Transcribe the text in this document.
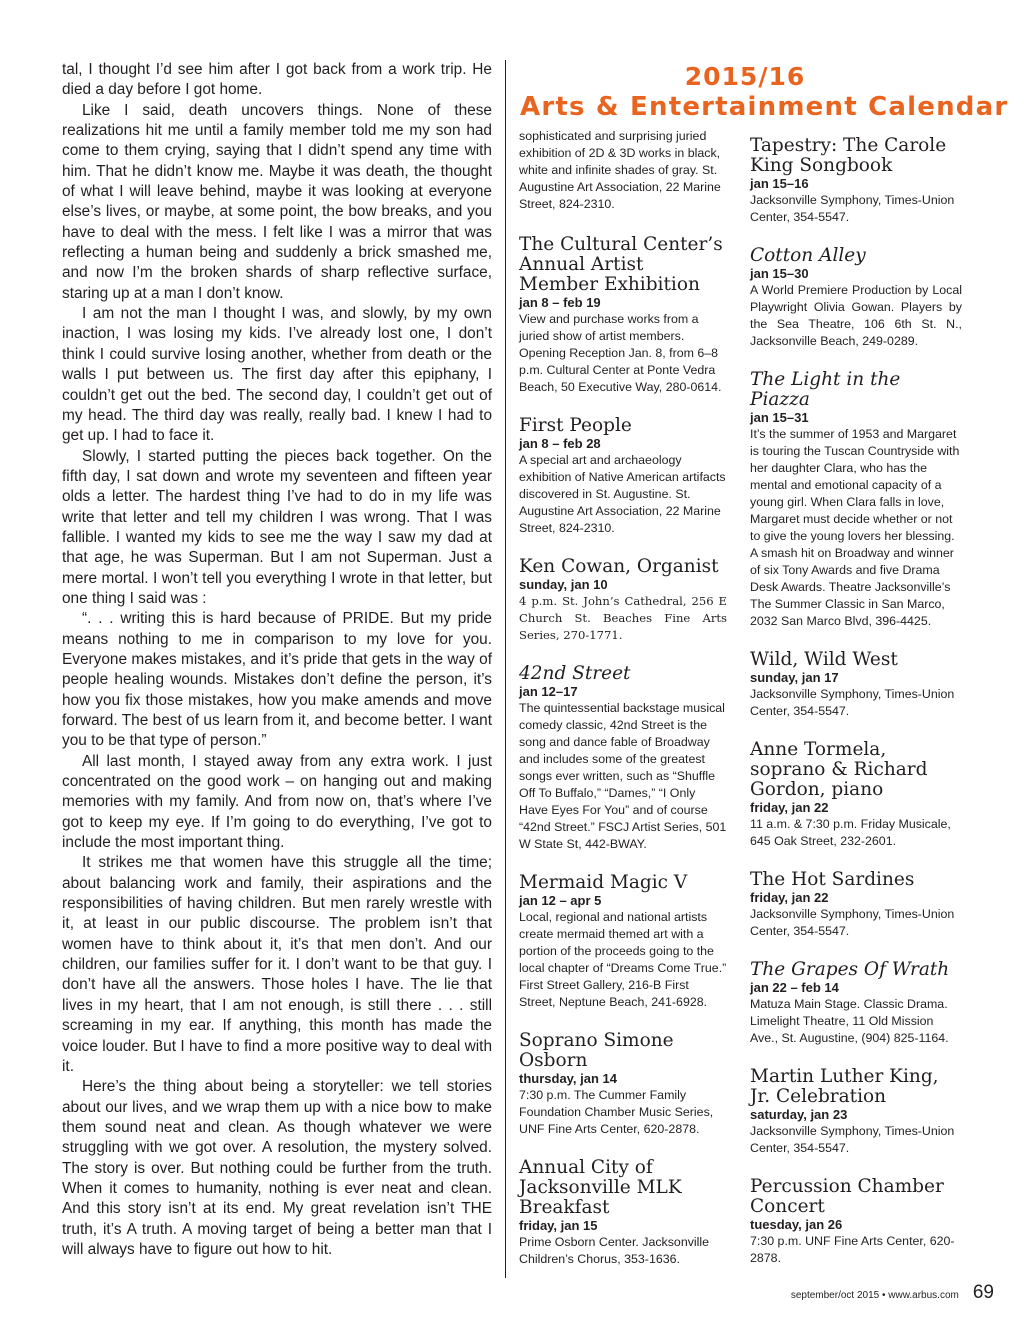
tal, I thought I’d see him after I got back from a work trip. He died a day before I got home.

Like I said, death uncovers things. None of these realizations hit me until a family member told me my son had come to them crying, saying that I didn’t spend any time with him. That he didn’t know me. Maybe it was death, the thought of what I will leave behind, maybe it was looking at everyone else’s lives, or maybe, at some point, the bow breaks, and you have to deal with the mess. I felt like I was a mirror that was reflecting a human being and suddenly a brick smashed me, and now I’m the broken shards of sharp reflective surface, staring up at a man I don’t know.

I am not the man I thought I was, and slowly, by my own inaction, I was losing my kids. I’ve already lost one, I don’t think I could survive losing another, whether from death or the walls I put between us. The first day after this epiphany, I couldn’t get out the bed. The second day, I couldn’t get out of my head. The third day was really, really bad. I knew I had to get up. I had to face it.

Slowly, I started putting the pieces back together. On the fifth day, I sat down and wrote my seventeen and fifteen year olds a letter. The hardest thing I’ve had to do in my life was write that letter and tell my children I was wrong. That I was fallible. I wanted my kids to see me the way I saw my dad at that age, he was Superman. But I am not Superman. Just a mere mortal. I won’t tell you everything I wrote in that letter, but one thing I said was :

“. . . writing this is hard because of PRIDE. But my pride means nothing to me in comparison to my love for you. Everyone makes mistakes, and it’s pride that gets in the way of people healing wounds. Mistakes don’t define the person, it’s how you fix those mistakes, how you make amends and move forward. The best of us learn from it, and become better. I want you to be that type of person.”

All last month, I stayed away from any extra work. I just concentrated on the good work – on hanging out and making memories with my family. And from now on, that’s where I’ve got to keep my eye. If I’m going to do everything, I’ve got to include the most important thing.

It strikes me that women have this struggle all the time; about balancing work and family, their aspirations and the responsibilities of having children. But men rarely wrestle with it, at least in our public discourse. The problem isn’t that women have to think about it, it’s that men don’t. And our children, our families suffer for it. I don’t want to be that guy. I don’t have all the answers. Those holes I have. The lie that lives in my heart, that I am not enough, is still there . . . still screaming in my ear. If anything, this month has made the voice louder. But I have to find a more positive way to deal with it.

Here’s the thing about being a storyteller: we tell stories about our lives, and we wrap them up with a nice bow to make them sound neat and clean. As though whatever we were struggling with we got over. A resolution, the mystery solved. The story is over. But nothing could be further from the truth. When it comes to humanity, nothing is ever neat and clean. And this story isn’t at its end. My great revelation isn’t THE truth, it’s A truth. A moving target of being a better man that I will always have to figure out how to hit.

2015/16
Arts & Entertainment Calendar
sophisticated and surprising juried exhibition of 2D & 3D works in black, white and infinite shades of gray. St. Augustine Art Association, 22 Marine Street, 824-2310.
The Cultural Center’s Annual Artist Member Exhibition
jan 8 – feb 19
View and purchase works from a juried show of artist members. Opening Reception Jan. 8, from 6–8 p.m. Cultural Center at Ponte Vedra Beach, 50 Executive Way, 280-0614.
First People
jan 8 – feb 28
A special art and archaeology exhibition of Native American artifacts discovered in St. Augustine. St. Augustine Art Association, 22 Marine Street, 824-2310.
Ken Cowan, Organist
sunday, jan 10
4 p.m. St. John’s Cathedral, 256 E Church St. Beaches Fine Arts Series, 270-1771.
42nd Street
jan 12–17
The quintessential backstage musical comedy classic, 42nd Street is the song and dance fable of Broadway and includes some of the greatest songs ever written, such as “Shuffle Off To Buffalo,” “Dames,” “I Only Have Eyes For You” and of course “42nd Street.” FSCJ Artist Series, 501 W State St, 442-BWAY.
Mermaid Magic V
jan 12 – apr 5
Local, regional and national artists create mermaid themed art with a portion of the proceeds going to the local chapter of “Dreams Come True.” First Street Gallery, 216-B First Street, Neptune Beach, 241-6928.
Soprano Simone Osborn
thursday, jan 14
7:30 p.m. The Cummer Family Foundation Chamber Music Series, UNF Fine Arts Center, 620-2878.
Annual City of Jacksonville MLK Breakfast
friday, jan 15
Prime Osborn Center. Jacksonville Children’s Chorus, 353-1636.
Tapestry: The Carole King Songbook
jan 15–16
Jacksonville Symphony, Times-Union Center, 354-5547.
Cotton Alley
jan 15–30
A World Premiere Production by Local Playwright Olivia Gowan. Players by the Sea Theatre, 106 6th St. N., Jacksonville Beach, 249-0289.
The Light in the Piazza
jan 15–31
It’s the summer of 1953 and Margaret is touring the Tuscan Countryside with her daughter Clara, who has the mental and emotional capacity of a young girl. When Clara falls in love, Margaret must decide whether or not to give the young lovers her blessing. A smash hit on Broadway and winner of six Tony Awards and five Drama Desk Awards. Theatre Jacksonville’s The Summer Classic in San Marco, 2032 San Marco Blvd, 396-4425.
Wild, Wild West
sunday, jan 17
Jacksonville Symphony, Times-Union Center, 354-5547.
Anne Tormela, soprano & Richard Gordon, piano
friday, jan 22
11 a.m. & 7:30 p.m. Friday Musicale, 645 Oak Street, 232-2601.
The Hot Sardines
friday, jan 22
Jacksonville Symphony, Times-Union Center, 354-5547.
The Grapes Of Wrath
jan 22 – feb 14
Matuza Main Stage. Classic Drama. Limelight Theatre, 11 Old Mission Ave., St. Augustine, (904) 825-1164.
Martin Luther King, Jr. Celebration
saturday, jan 23
Jacksonville Symphony, Times-Union Center, 354-5547.
Percussion Chamber Concert
tuesday, jan 26
7:30 p.m. UNF Fine Arts Center, 620-2878.
september/oct 2015 • www.arbus.com 69
